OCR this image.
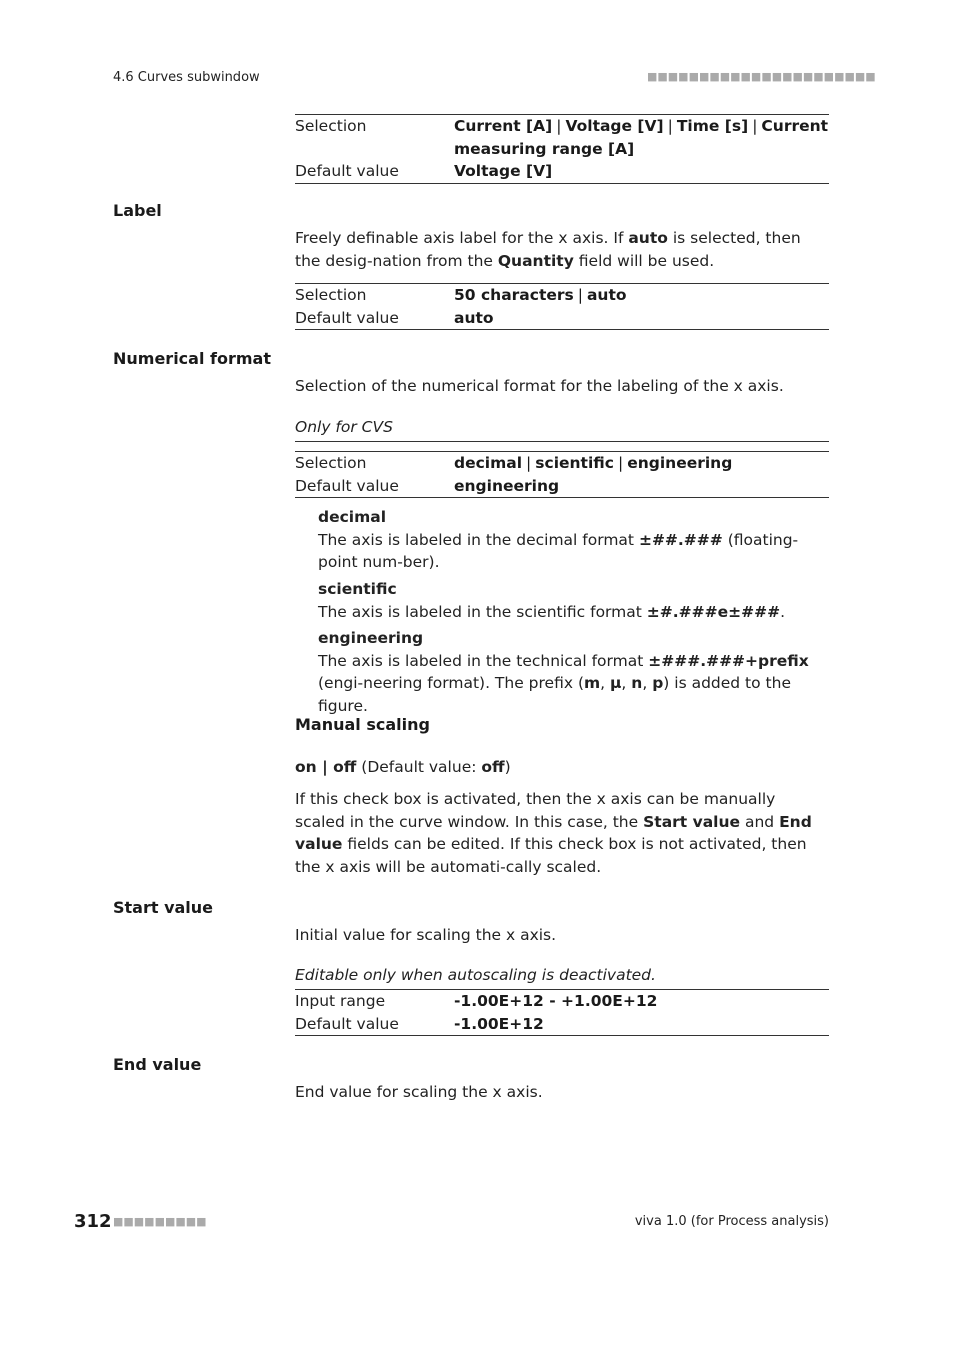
4.6 Curves subwindow	■■■■■■■■■■■■■■■■■■■■■■
Selection	Current [A] | Voltage [V] | Time [s] | Current measuring range [A]
Default value	Voltage [V]
Label
Freely definable axis label for the x axis. If auto is selected, then the desig-nation from the Quantity field will be used.
Selection	50 characters | auto
Default value	auto
Numerical format
Selection of the numerical format for the labeling of the x axis.
Only for CVS
Selection	decimal | scientific | engineering
Default value	engineering
decimal
The axis is labeled in the decimal format ±##.### (floating-point num-ber).
scientific
The axis is labeled in the scientific format ±#.###e±###.
engineering
The axis is labeled in the technical format ±###.###+prefix (engi-neering format). The prefix (m, µ, n, p) is added to the figure.
Manual scaling
on | off (Default value: off)
If this check box is activated, then the x axis can be manually scaled in the curve window. In this case, the Start value and End value fields can be edited. If this check box is not activated, then the x axis will be automati-cally scaled.
Start value
Initial value for scaling the x axis.
Editable only when autoscaling is deactivated.
Input range	-1.00E+12 - +1.00E+12
Default value	-1.00E+12
End value
End value for scaling the x axis.
312 ■■■■■■■■■	viva 1.0 (for Process analysis)
